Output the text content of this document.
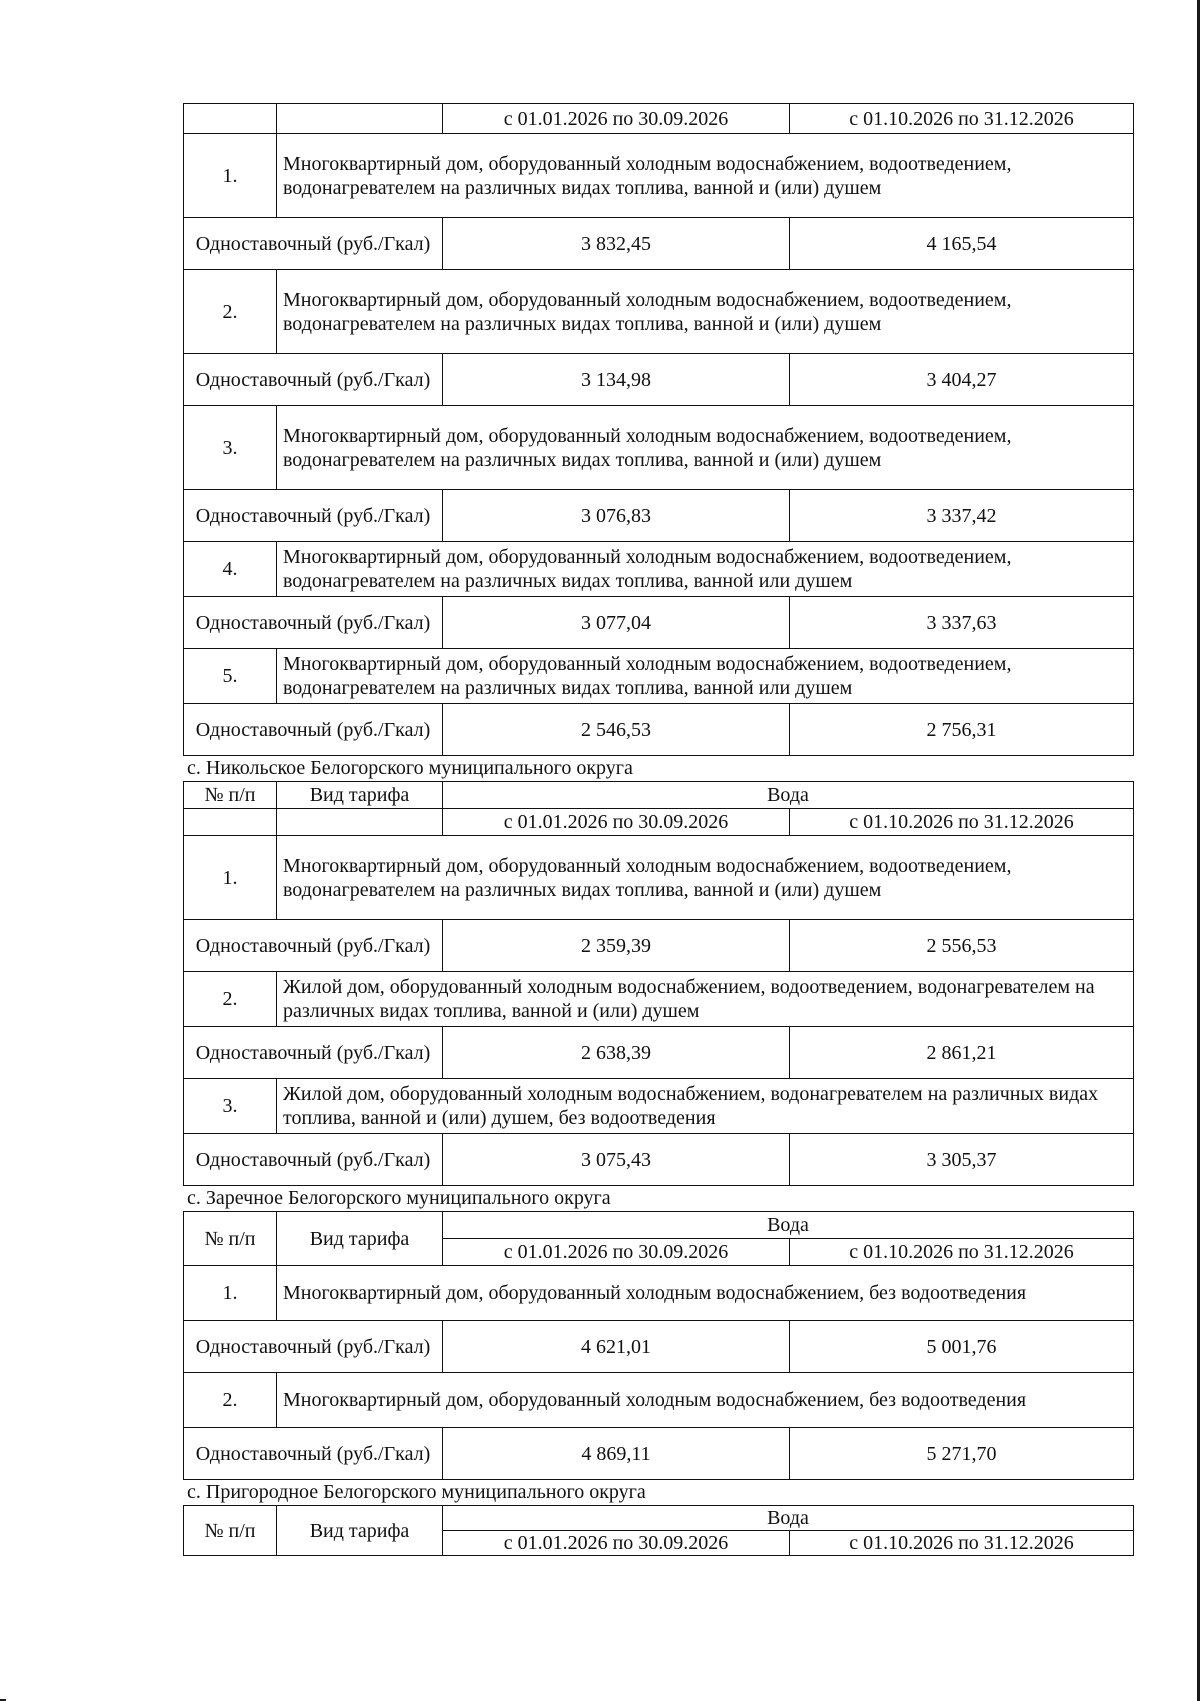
		с 01.01.2026 по 30.09.2026	с 01.10.2026 по 31.12.2026
1.	Многоквартирный дом, оборудованный холодным водоснабжением, водоотведением, водонагревателем на различных видах топлива, ванной и (или) душем		
Одноставочный (руб./Гкал)		3 832,45	4 165,54
2.	Многоквартирный дом, оборудованный холодным водоснабжением, водоотведением, водонагревателем на различных видах топлива, ванной и (или) душем		
Одноставочный (руб./Гкал)		3 134,98	3 404,27
3.	Многоквартирный дом, оборудованный холодным водоснабжением, водоотведением, водонагревателем на различных видах топлива, ванной и (или) душем		
Одноставочный (руб./Гкал)		3 076,83	3 337,42
4.	Многоквартирный дом, оборудованный холодным водоснабжением, водоотведением, водонагревателем на различных видах топлива, ванной или душем		
Одноставочный (руб./Гкал)		3 077,04	3 337,63
5.	Многоквартирный дом, оборудованный холодным водоснабжением, водоотведением, водонагревателем на различных видах топлива, ванной или душем		
Одноставочный (руб./Гкал)		2 546,53	2 756,31
с. Никольское Белогорского муниципального округа
№ п/п	Вид тарифа	Вода	
		с 01.01.2026 по 30.09.2026	с 01.10.2026 по 31.12.2026
1.	Многоквартирный дом, оборудованный холодным водоснабжением, водоотведением, водонагревателем на различных видах топлива, ванной и (или) душем		
Одноставочный (руб./Гкал)		2 359,39	2 556,53
2.	Жилой дом, оборудованный холодным водоснабжением, водоотведением, водонагревателем на различных видах топлива, ванной и (или) душем		
Одноставочный (руб./Гкал)		2 638,39	2 861,21
3.	Жилой дом, оборудованный холодным водоснабжением, водонагревателем на различных видах топлива, ванной и (или) душем, без водоотведения		
Одноставочный (руб./Гкал)		3 075,43	3 305,37
с. Заречное Белогорского муниципального округа
№ п/п	Вид тарифа	Вода	
		с 01.01.2026 по 30.09.2026	с 01.10.2026 по 31.12.2026
1.	Многоквартирный дом, оборудованный холодным водоснабжением, без водоотведения		
Одноставочный (руб./Гкал)		4 621,01	5 001,76
2.	Многоквартирный дом, оборудованный холодным водоснабжением, без водоотведения		
Одноставочный (руб./Гкал)		4 869,11	5 271,70
с. Пригородное Белогорского муниципального округа
№ п/п	Вид тарифа	Вода	
		с 01.01.2026 по 30.09.2026	с 01.10.2026 по 31.12.2026
